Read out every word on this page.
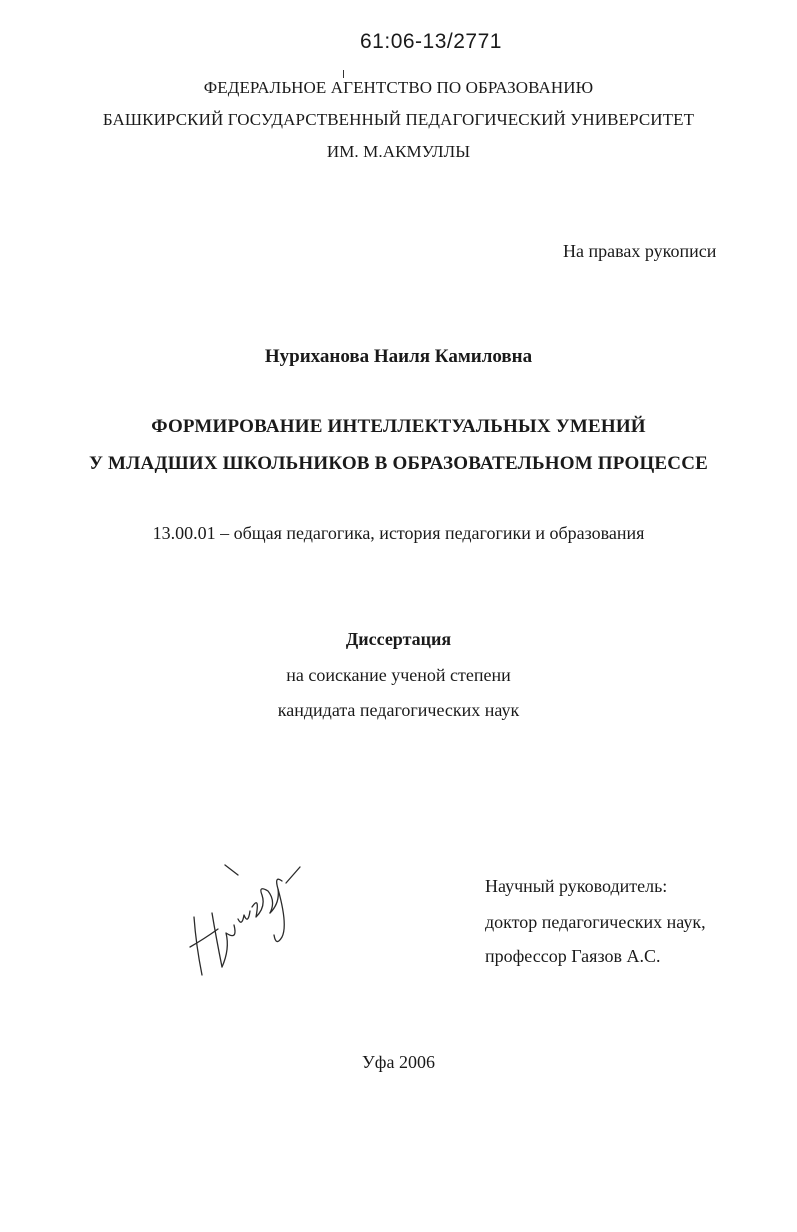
61:06-13/2771
ФЕДЕРАЛЬНОЕ АГЕНТСТВО ПО ОБРАЗОВАНИЮ
БАШКИРСКИЙ ГОСУДАРСТВЕННЫЙ ПЕДАГОГИЧЕСКИЙ УНИВЕРСИТЕТ
ИМ. М.АКМУЛЛЫ
На правах рукописи
Нурихановa Наиля Камиловна
ФОРМИРОВАНИЕ ИНТЕЛЛЕКТУАЛЬНЫХ УМЕНИЙ
У МЛАДШИХ ШКОЛЬНИКОВ В ОБРАЗОВАТЕЛЬНОМ ПРОЦЕССЕ
13.00.01 – общая педагогика, история педагогики и образования
Диссертация
на соискание ученой степени
кандидата педагогических наук
Научный руководитель:
доктор педагогических наук,
профессор Гаязов А.С.
Уфа 2006
